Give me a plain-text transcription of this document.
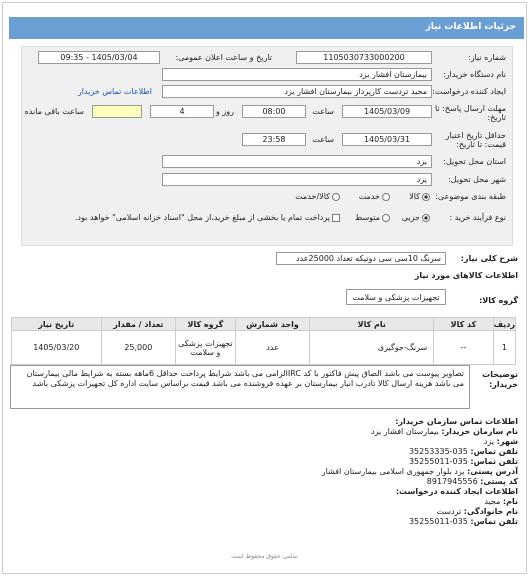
جزئیات اطلاعات نیاز
شماره نیاز:
1105030733000200
تاریخ و ساعت اعلان عمومی:
1405/03/04 - 09:35
نام دستگاه خریدار:
بیمارستان افشار یزد
ایجاد کننده درخواست:
مجید تردست کارپرداز بیمارستان افشار یزد
اطلاعات تماس خریدار
مهلت ارسال پاسخ: تا
تاریخ:
1405/03/09
ساعت
08:00
4	روز و
ساعت باقی مانده
حداقل تاریخ اعتبار
قیمت: تا تاریخ:
1405/03/31
ساعت
23:58
استان محل تحویل:
یزد
شهر محل تحویل:
یزد
طبقه بندی موضوعی:
کالا
خدمت
کالا/خدمت
نوع فرآیند خرید :
جزیی
متوسط
پرداخت تمام یا بخشی از مبلغ خرید،از محل "اسناد خزانه اسلامی" خواهد بود.
شرح کلی نیاز:
سرنگ 10سی سی دوتیکه تعداد 25000عدد
اطلاعات کالاهای مورد نیاز
گروه کالا:
تجهیزات پزشکی و سلامت
ردیف	کد کالا	نام کالا	واحد شمارش	گروه کالا	تعداد / مقدار	تاریخ نیاز
1	--	سرنگ-جوگیری	عدد	تجهیزات پزشکی و سلامت	25,000	1405/03/20
توضیحات
خریدار:
تصاویر پیوست می باشد الصاق پیش فاکتور با کد IRCالزامی می باشد شرایط پرداخت حداقل 6ماهه بسته به شرایط مالی بیمارستان می باشد هزینه ارسال کالا تادرب انبار بیمارستان بر عهده فروشنده می باشد قیمت براساس سایت اداره کل تجهیزات پزشکی باشد
اطلاعات تماس سازمان خریدار:
نام سازمان خریدار: بیمارستان افشار یزد
شهر: یزد
تلفن تماس: 035-35253335
تلفن تماس: 035-35255011
آدرس پستی: یزد بلوار جمهوری اسلامی بیمارستان افشار
کد پستی: 8917945556
اطلاعات ایجاد کننده درخواست:
نام: مجید
نام خانوادگی: تردست
تلفن تماس: 035-35255011
تمامی حقوق محفوظ است
